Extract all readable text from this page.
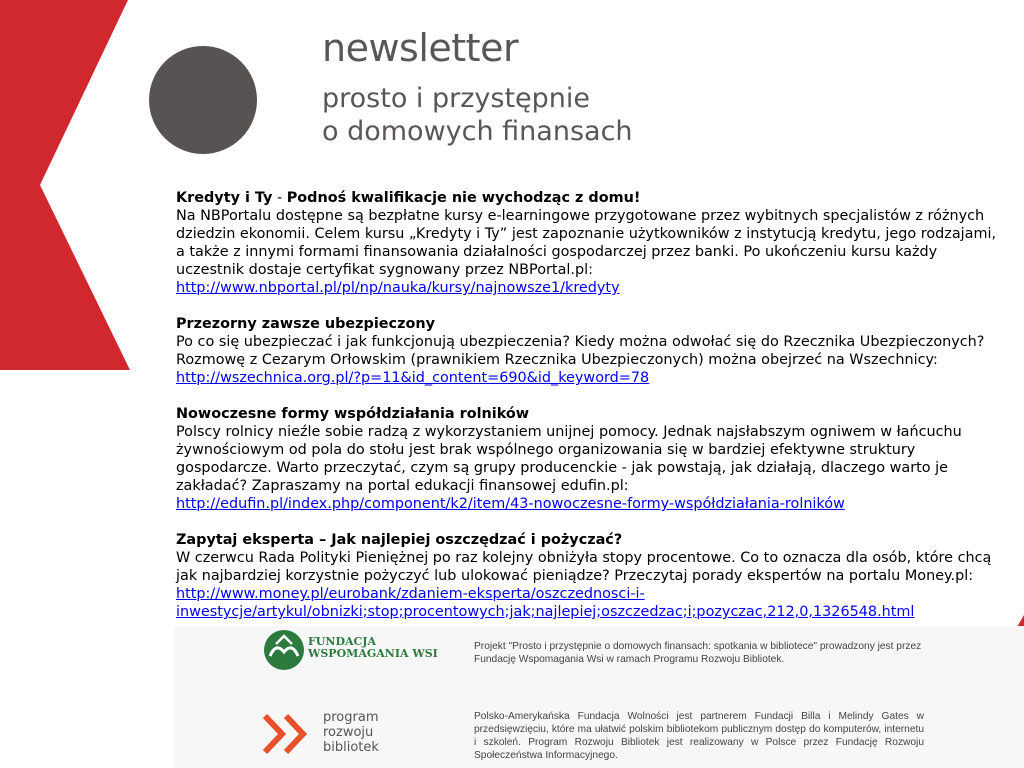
newsletter
prosto i przystępnie
o domowych finansach

Kredyty i Ty - Podnoś kwalifikacje nie wychodząc z domu!
Na NBPortalu dostępne są bezpłatne kursy e-learningowe przygotowane przez wybitnych specjalistów z różnych dziedzin ekonomii. Celem kursu „Kredyty i Ty” jest zapoznanie użytkowników z instytucją kredytu, jego rodzajami, a także z innymi formami finansowania działalności gospodarczej przez banki. Po ukończeniu kursu każdy uczestnik dostaje certyfikat sygnowany przez NBPortal.pl:
http://www.nbportal.pl/pl/np/nauka/kursy/najnowsze1/kredyty

Przezorny zawsze ubezpieczony
Po co się ubezpieczać i jak funkcjonują ubezpieczenia? Kiedy można odwołać się do Rzecznika Ubezpieczonych? Rozmowę z Cezarym Orłowskim (prawnikiem Rzecznika Ubezpieczonych) można obejrzeć na Wszechnicy: http://wszechnica.org.pl/?p=11&id_content=690&id_keyword=78

Nowoczesne formy współdziałania rolników
Polscy rolnicy nieźle sobie radzą z wykorzystaniem unijnej pomocy. Jednak najsłabszym ogniwem w łańcuchu żywnościowym od pola do stołu jest brak wspólnego organizowania się w bardziej efektywne struktury gospodarcze. Warto przeczytać, czym są grupy producenckie - jak powstają, jak działają, dlaczego warto je zakładać? Zapraszamy na portal edukacji finansowej edufin.pl:
http://edufin.pl/index.php/component/k2/item/43-nowoczesne-formy-współdziałania-rolników

Zapytaj eksperta – Jak najlepiej oszczędzać i pożyczać?
W czerwcu Rada Polityki Pieniężnej po raz kolejny obniżyła stopy procentowe. Co to oznacza dla osób, które chcą jak najbardziej korzystnie pożyczyć lub ulokować pieniądze? Przeczytaj porady ekspertów na portalu Money.pl: http://www.money.pl/eurobank/zdaniem-eksperta/oszczednosci-i-inwestycje/artykul/obnizki;stop;procentowych;jak;najlepiej;oszczedzac;i;pozyczac,212,0,1326548.html

FUNDACJA
WSPOMAGANIA WSI
Projekt "Prosto i przystępnie o domowych finansach: spotkania w bibliotece" prowadzony jest przez Fundację Wspomagania Wsi w ramach Programu Rozwoju Bibliotek.
program
rozwoju
bibliotek
Polsko-Amerykańska Fundacja Wolności jest partnerem Fundacji Billa i Melindy Gates w przedsięwzięciu, które ma ułatwić polskim bibliotekom publicznym dostęp do komputerów, internetu i szkoleń. Program Rozwoju Bibliotek jest realizowany w Polsce przez Fundację Rozwoju Społeczeństwa Informacyjnego.
